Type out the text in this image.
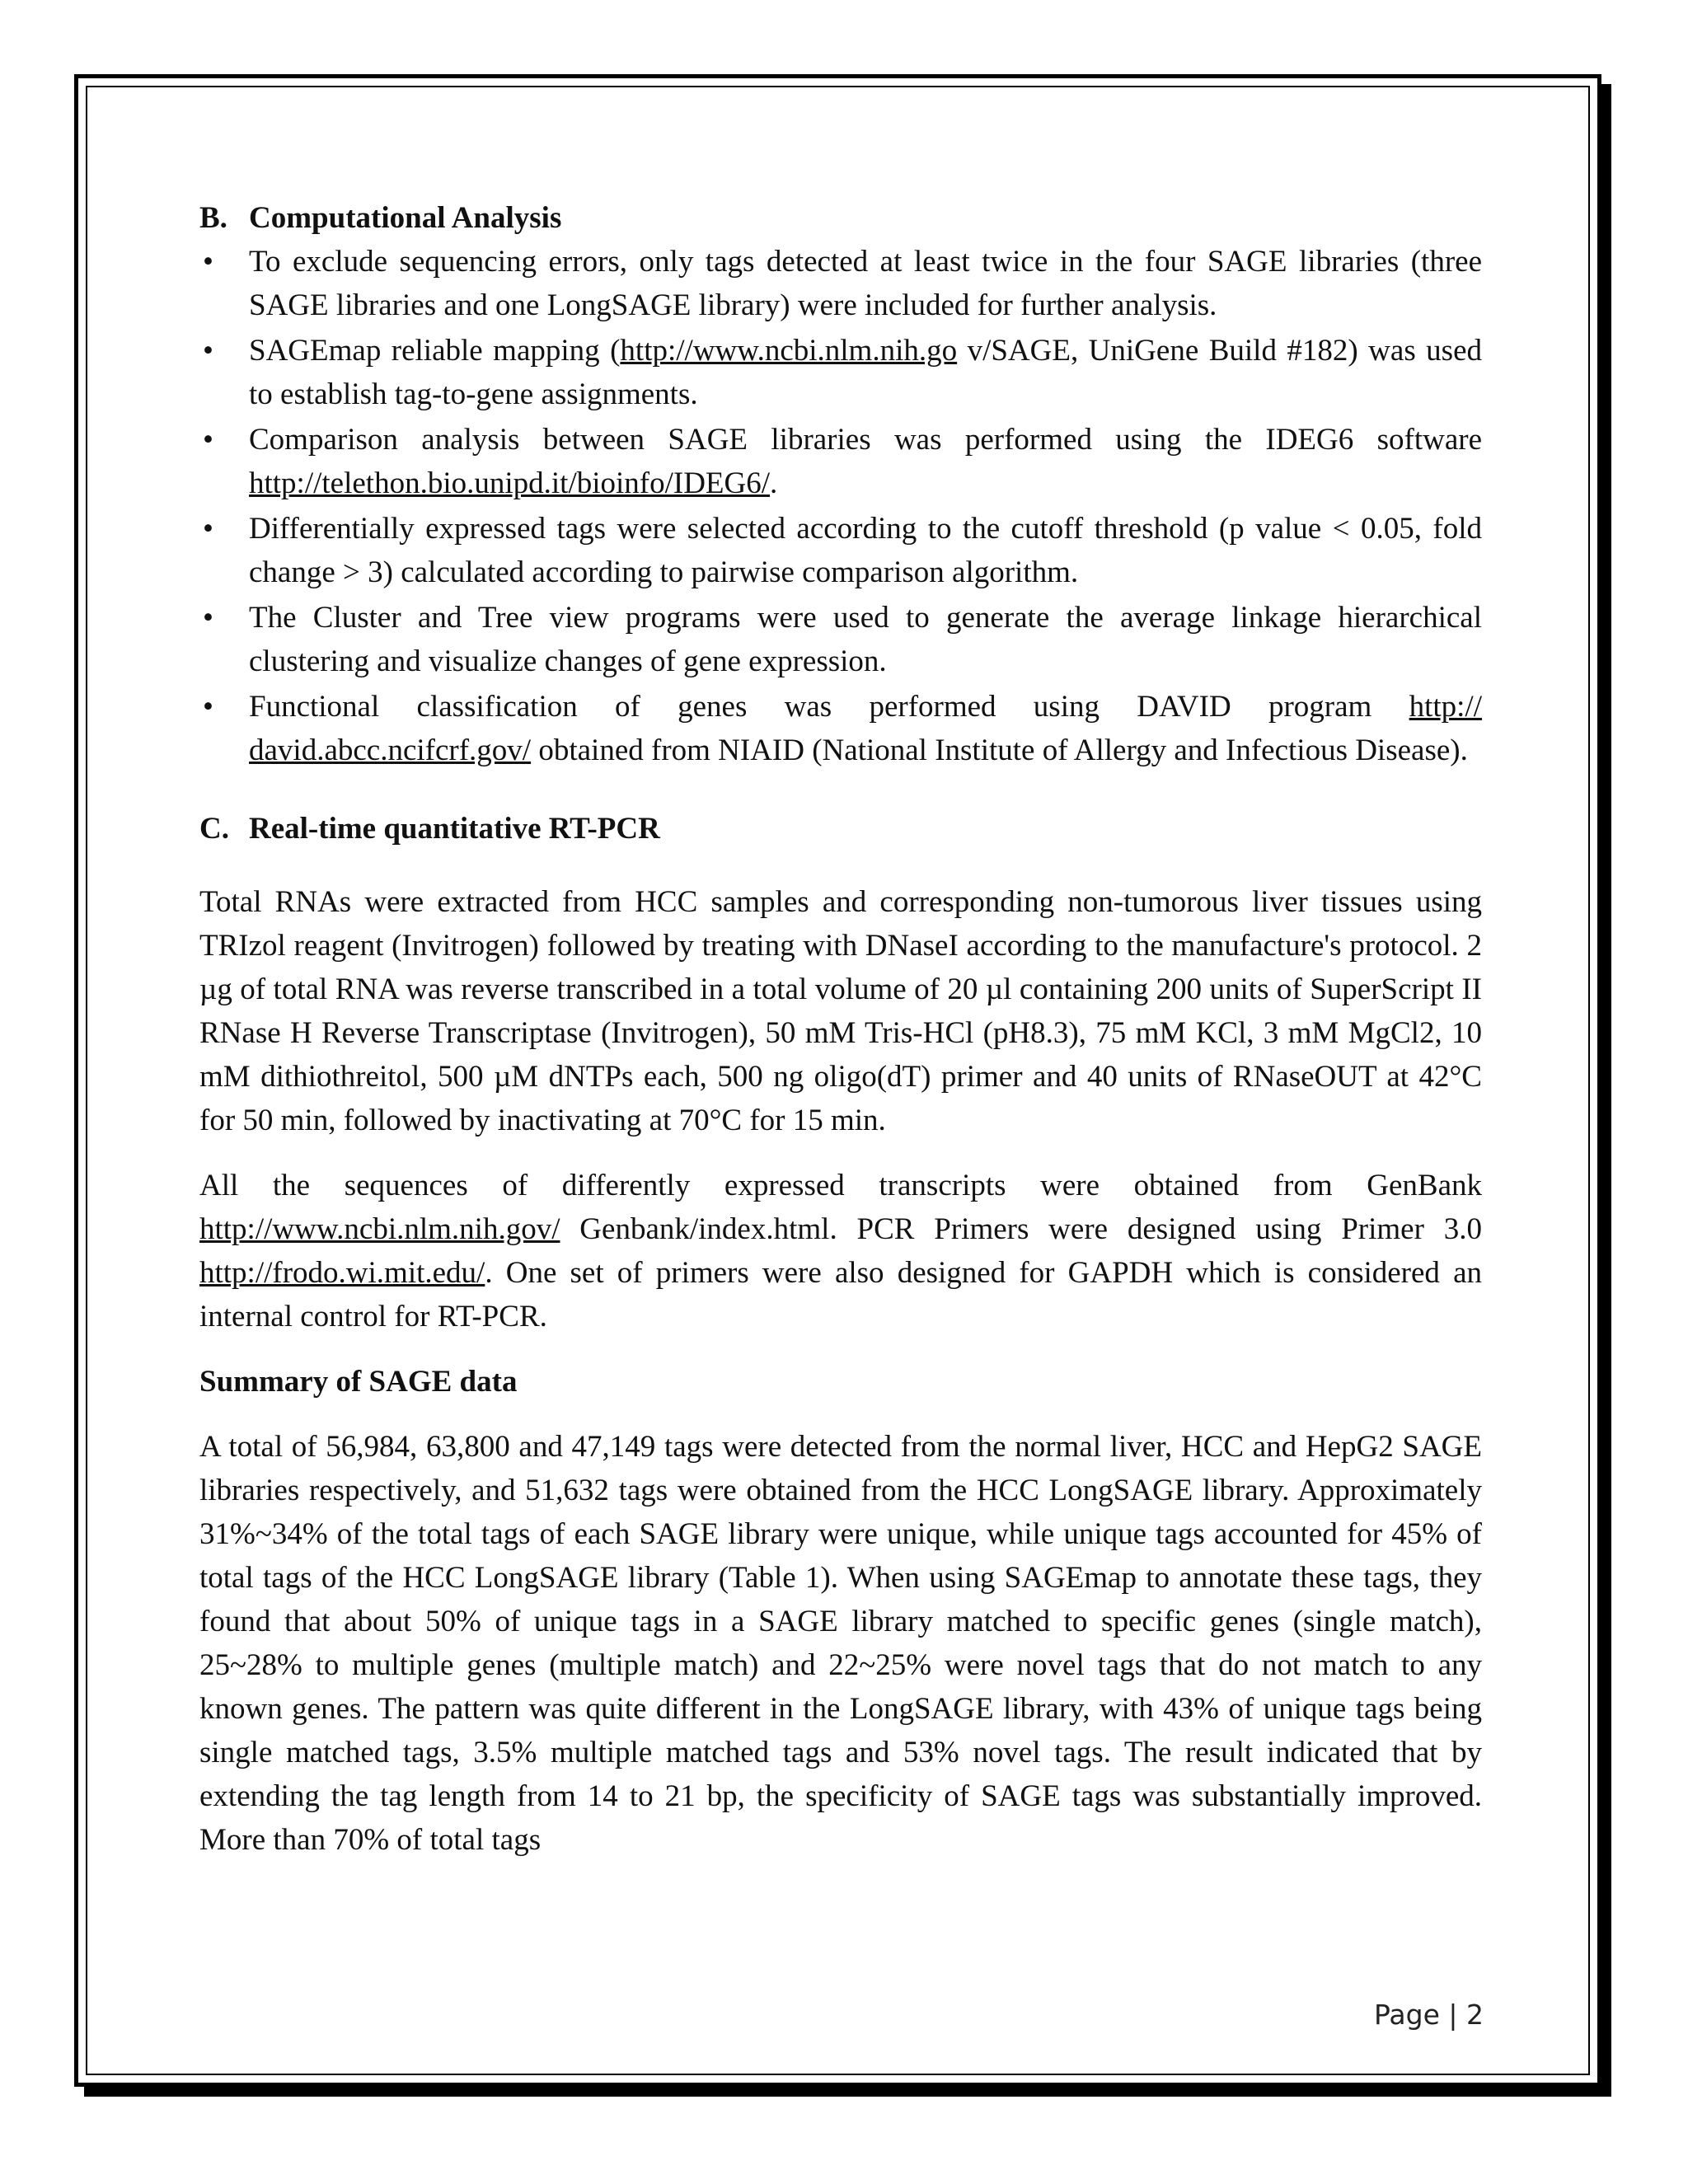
B. Computational Analysis

• To exclude sequencing errors, only tags detected at least twice in the four SAGE libraries (three SAGE libraries and one LongSAGE library) were included for further analysis.
• SAGEmap reliable mapping (http://www.ncbi.nlm.nih.go v/SAGE, UniGene Build #182) was used to establish tag-to-gene assignments.
• Comparison analysis between SAGE libraries was performed using the IDEG6 software http://telethon.bio.unipd.it/bioinfo/IDEG6/.
• Differentially expressed tags were selected according to the cutoff threshold (p value < 0.05, fold change > 3) calculated according to pairwise comparison algorithm.
• The Cluster and Tree view programs were used to generate the average linkage hierarchical clustering and visualize changes of gene expression.
• Functional classification of genes was performed using DAVID program http:// david.abcc.ncifcrf.gov/ obtained from NIAID (National Institute of Allergy and Infectious Disease).

C. Real-time quantitative RT-PCR

Total RNAs were extracted from HCC samples and corresponding non-tumorous liver tissues using TRIzol reagent (Invitrogen) followed by treating with DNaseI according to the manufacture's protocol. 2 µg of total RNA was reverse transcribed in a total volume of 20 µl containing 200 units of SuperScript II RNase H Reverse Transcriptase (Invitrogen), 50 mM Tris-HCl (pH8.3), 75 mM KCl, 3 mM MgCl2, 10 mM dithiothreitol, 500 µM dNTPs each, 500 ng oligo(dT) primer and 40 units of RNaseOUT at 42°C for 50 min, followed by inactivating at 70°C for 15 min.

All the sequences of differently expressed transcripts were obtained from GenBank http://www.ncbi.nlm.nih.gov/ Genbank/index.html. PCR Primers were designed using Primer 3.0 http://frodo.wi.mit.edu/. One set of primers were also designed for GAPDH which is considered an internal control for RT-PCR.

Summary of SAGE data

A total of 56,984, 63,800 and 47,149 tags were detected from the normal liver, HCC and HepG2 SAGE libraries respectively, and 51,632 tags were obtained from the HCC LongSAGE library. Approximately 31%~34% of the total tags of each SAGE library were unique, while unique tags accounted for 45% of total tags of the HCC LongSAGE library (Table 1). When using SAGEmap to annotate these tags, they found that about 50% of unique tags in a SAGE library matched to specific genes (single match), 25~28% to multiple genes (multiple match) and 22~25% were novel tags that do not match to any known genes. The pattern was quite different in the LongSAGE library, with 43% of unique tags being single matched tags, 3.5% multiple matched tags and 53% novel tags. The result indicated that by extending the tag length from 14 to 21 bp, the specificity of SAGE tags was substantially improved. More than 70% of total tags

Page | 2
